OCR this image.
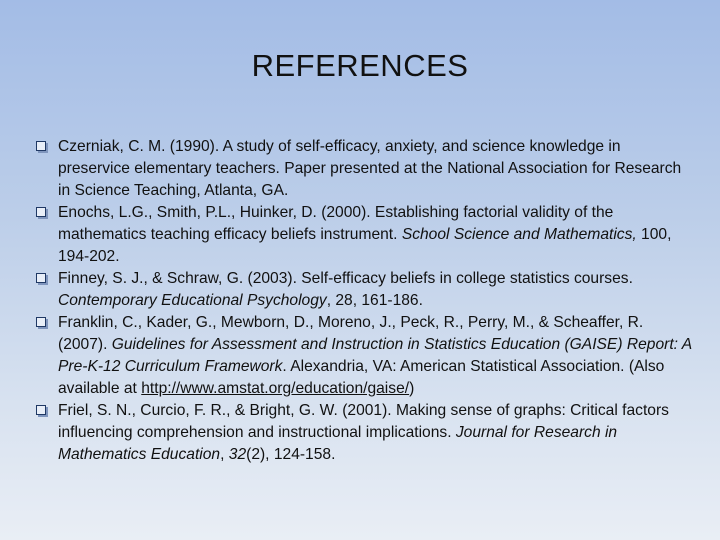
REFERENCES
Czerniak, C. M. (1990). A study of self-efficacy, anxiety, and science knowledge in preservice elementary teachers. Paper presented at the National Association for Research in Science Teaching, Atlanta, GA.
Enochs, L.G., Smith, P.L., Huinker, D. (2000). Establishing factorial validity of the mathematics teaching efficacy beliefs instrument. School Science and Mathematics, 100, 194-202.
Finney, S. J., & Schraw, G. (2003). Self-efficacy beliefs in college statistics courses. Contemporary Educational Psychology, 28, 161-186.
Franklin, C., Kader, G., Mewborn, D., Moreno, J., Peck, R., Perry, M., & Scheaffer, R. (2007). Guidelines for Assessment and Instruction in Statistics Education (GAISE) Report: A Pre-K-12 Curriculum Framework. Alexandria, VA: American Statistical Association. (Also available at http://www.amstat.org/education/gaise/)
Friel, S. N., Curcio, F. R., & Bright, G. W. (2001). Making sense of graphs: Critical factors influencing comprehension and instructional implications. Journal for Research in Mathematics Education, 32(2), 124-158.
